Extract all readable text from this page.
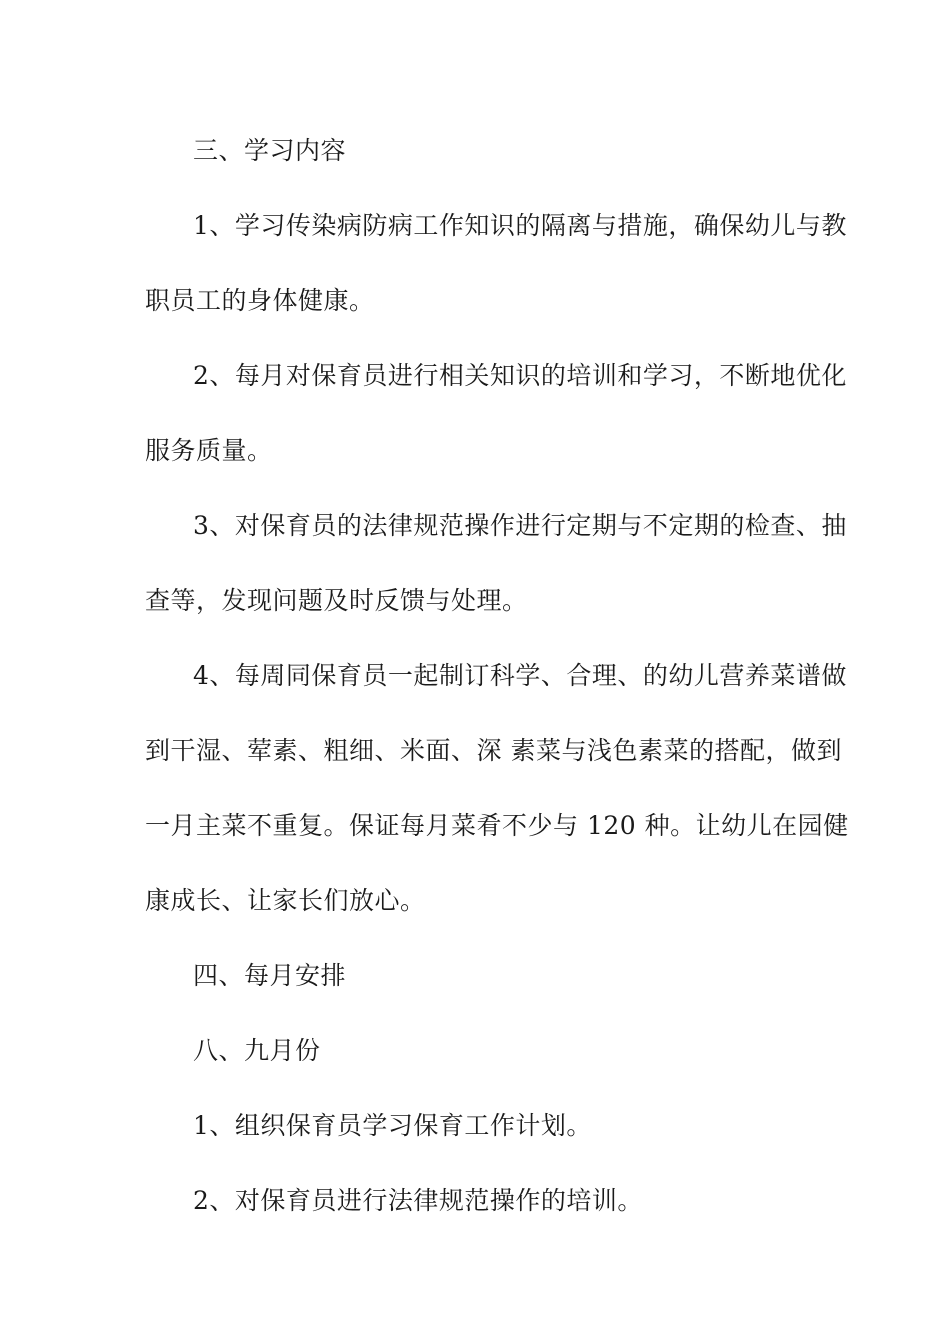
三、学习内容
1、学习传染病防病工作知识的隔离与措施，确保幼儿与教
职员工的身体健康。
2、每月对保育员进行相关知识的培训和学习，不断地优化
服务质量。
3、对保育员的法律规范操作进行定期与不定期的检查、抽
查等，发现问题及时反馈与处理。
4、每周同保育员一起制订科学、合理、的幼儿营养菜谱做
到干湿、荤素、粗细、米面、深 素菜与浅色素菜的搭配，做到
一月主菜不重复。保证每月菜肴不少与 120 种。让幼儿在园健
康成长、让家长们放心。
四、每月安排
八、九月份
1、组织保育员学习保育工作计划。
2、对保育员进行法律规范操作的培训。
